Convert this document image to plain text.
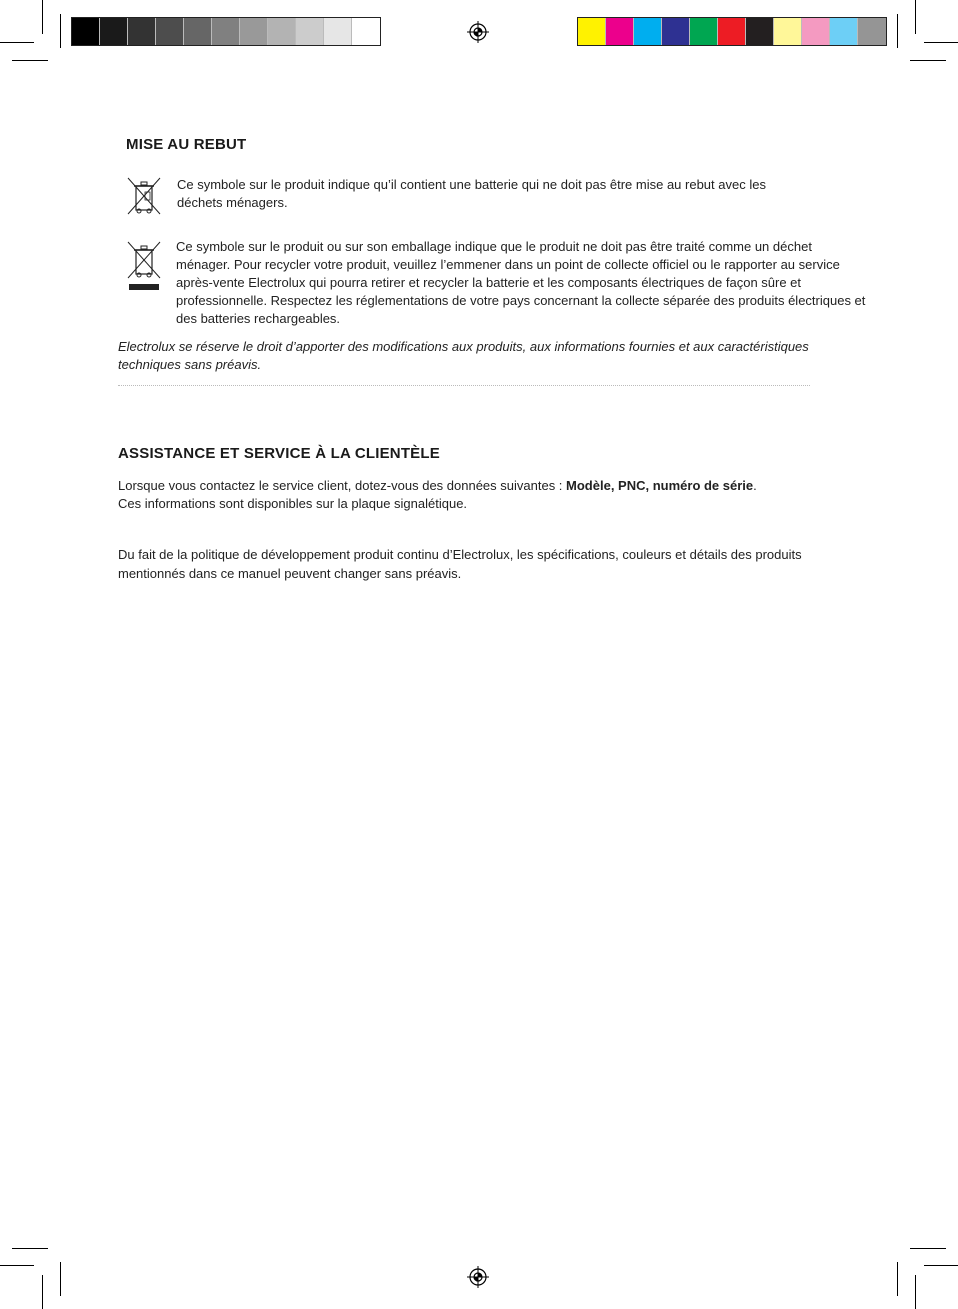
MISE AU REBUT

Ce symbole sur le produit indique qu’il contient une batterie qui ne doit pas être mise au rebut avec les déchets ménagers.

Ce symbole sur le produit ou sur son emballage indique que le produit ne doit pas être traité comme un déchet ménager. Pour recycler votre produit, veuillez l’emmener dans un point de collecte officiel ou le rapporter au service après-vente Electrolux qui pourra retirer et recycler la batterie et les composants électriques de façon sûre et professionnelle. Respectez les réglementations de votre pays concernant la collecte séparée des produits électriques et des batteries rechargeables.

Electrolux se réserve le droit d’apporter des modifications aux produits, aux informations fournies et aux caractéristiques techniques sans préavis.

ASSISTANCE ET SERVICE À LA CLIENTÈLE

Lorsque vous contactez le service client, dotez-vous des données suivantes : Modèle, PNC, numéro de série.
Ces informations sont disponibles sur la plaque signalétique.

Du fait de la politique de développement produit continu d’Electrolux, les spécifications, couleurs et détails des produits mentionnés dans ce manuel peuvent changer sans préavis.
